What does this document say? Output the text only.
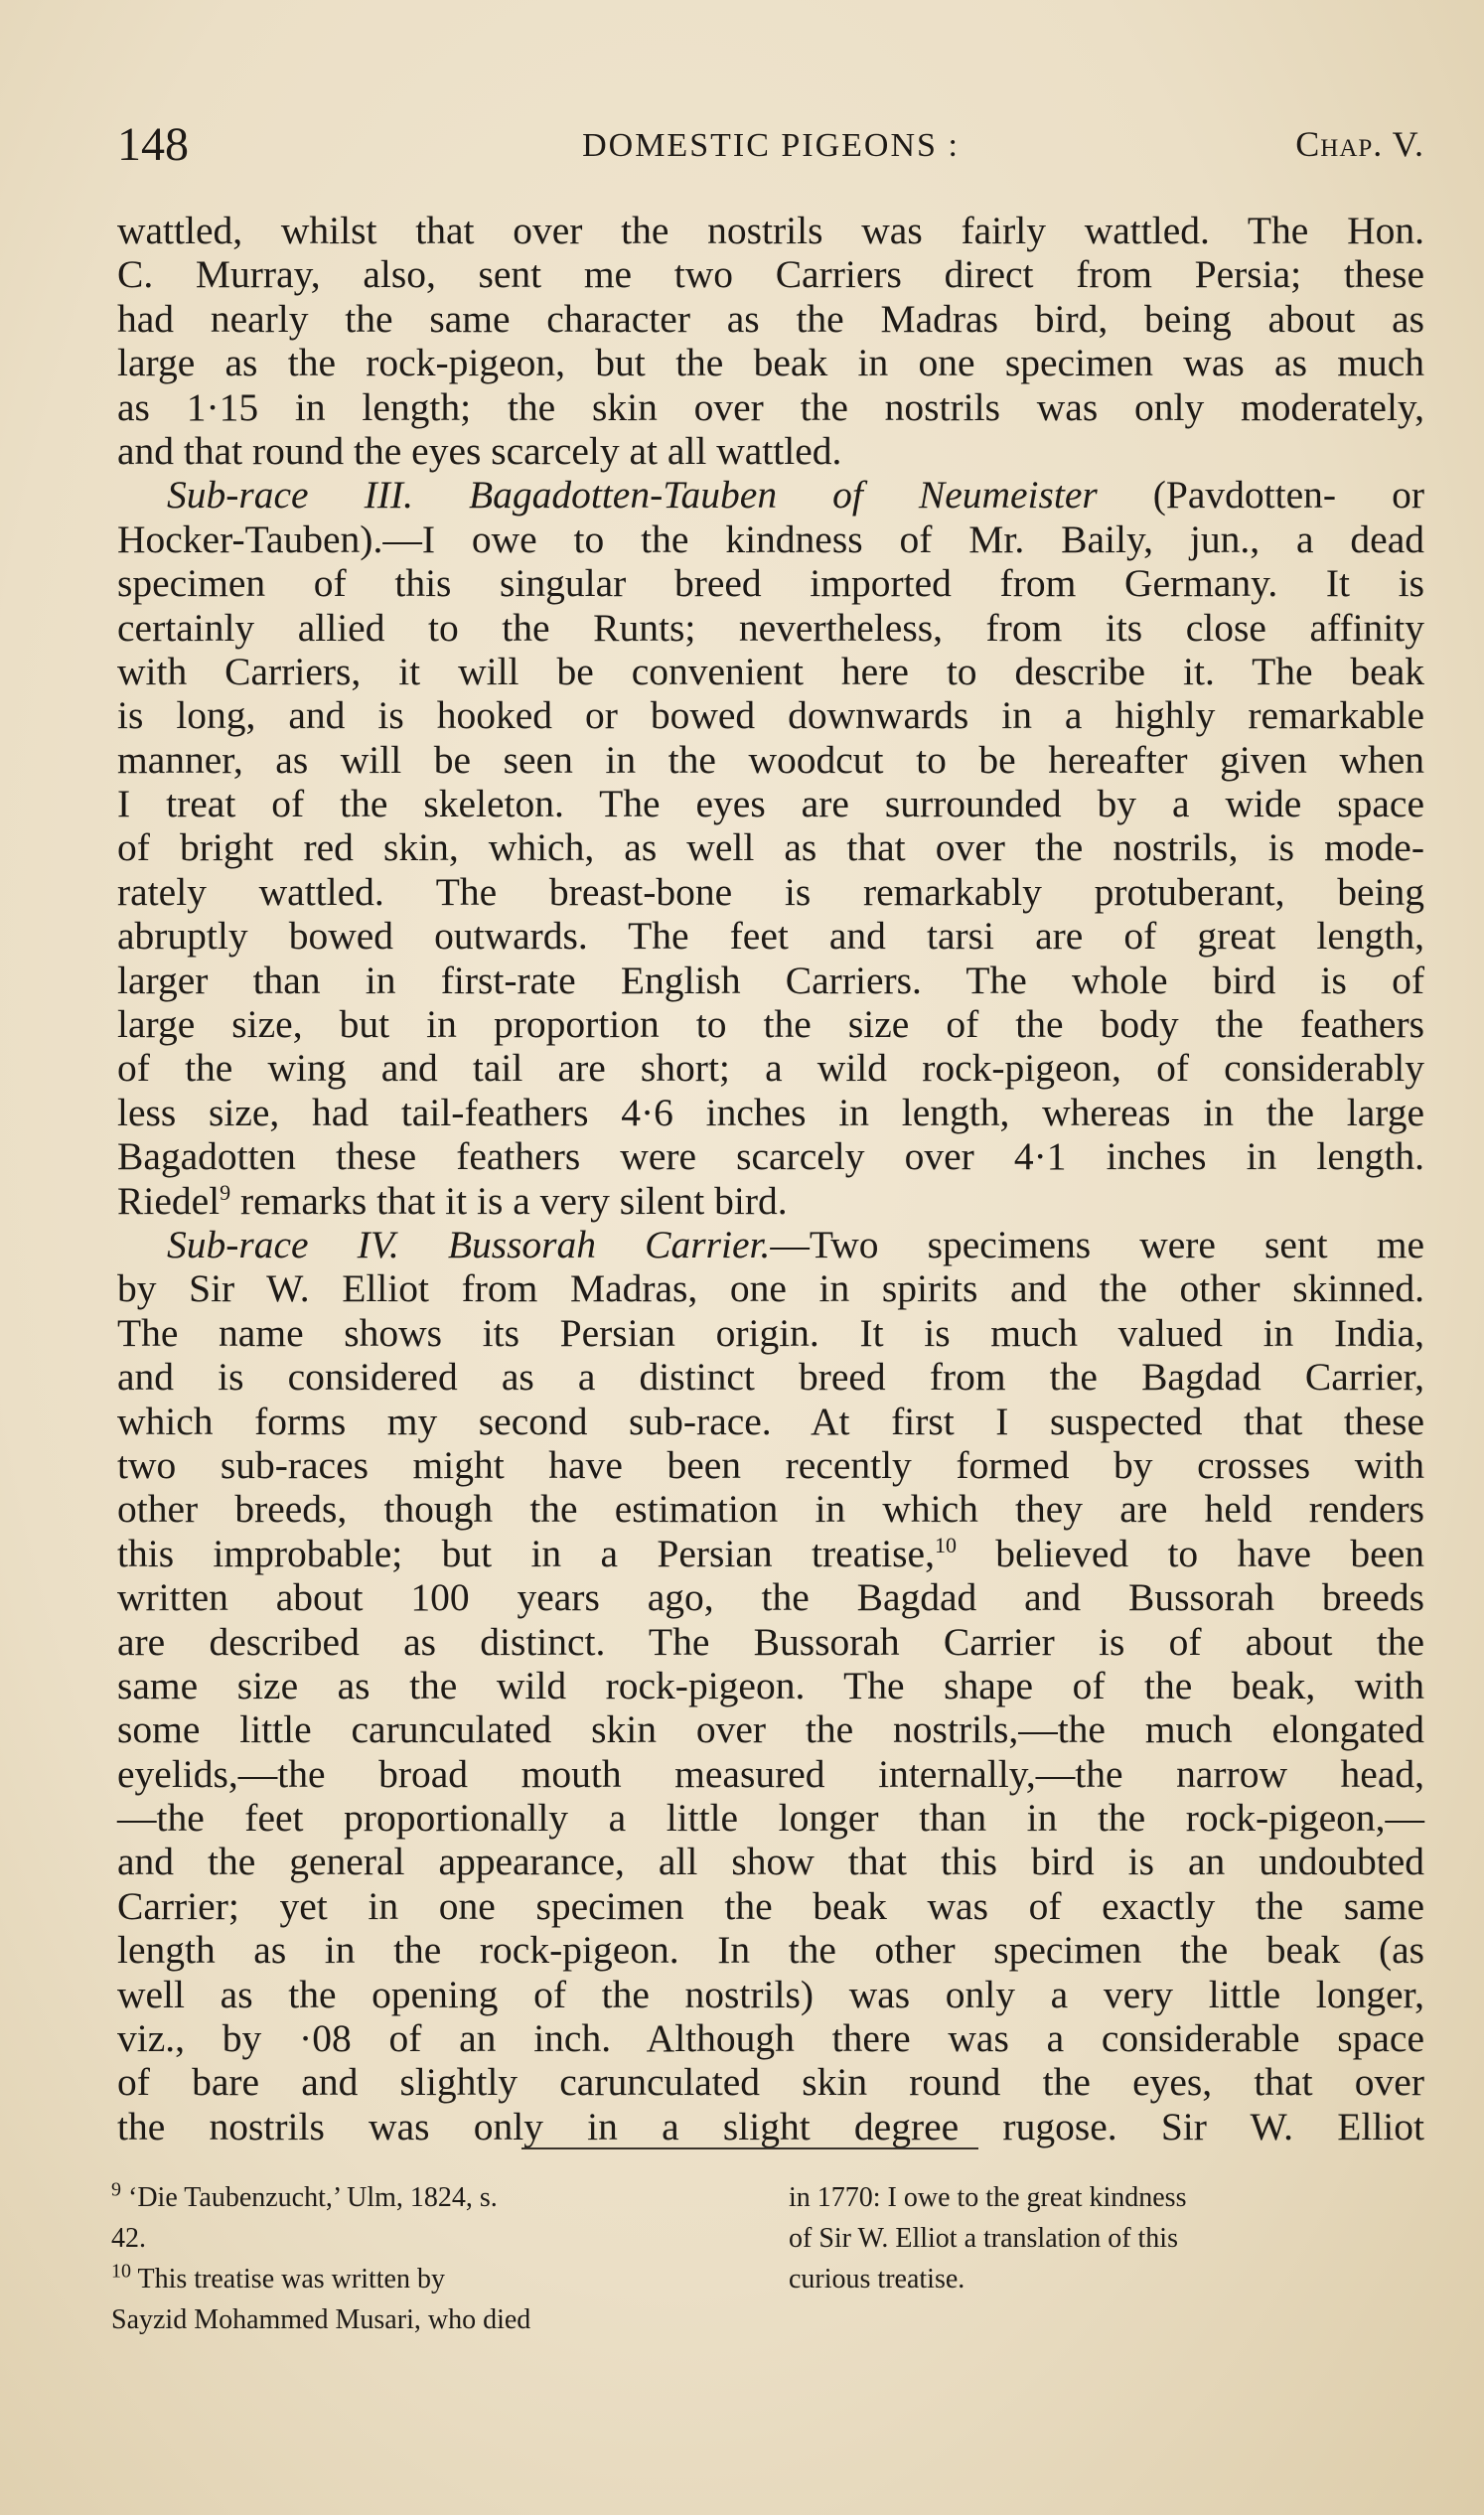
148	DOMESTIC PIGEONS :	Chap. V.
wattled, whilst that over the nostrils was fairly wattled. The Hon.
C. Murray, also, sent me two Carriers direct from Persia; these
had nearly the same character as the Madras bird, being about as
large as the rock-pigeon, but the beak in one specimen was as much
as 1·15 in length; the skin over the nostrils was only moderately,
and that round the eyes scarcely at all wattled.
Sub-race III. Bagadotten-Tauben of Neumeister (Pavdotten- or
Hocker-Tauben).—I owe to the kindness of Mr. Baily, jun., a dead
specimen of this singular breed imported from Germany. It is
certainly allied to the Runts; nevertheless, from its close affinity
with Carriers, it will be convenient here to describe it. The beak
is long, and is hooked or bowed downwards in a highly remarkable
manner, as will be seen in the woodcut to be hereafter given when
I treat of the skeleton. The eyes are surrounded by a wide space
of bright red skin, which, as well as that over the nostrils, is mode-
rately wattled. The breast-bone is remarkably protuberant, being
abruptly bowed outwards. The feet and tarsi are of great length,
larger than in first-rate English Carriers. The whole bird is of
large size, but in proportion to the size of the body the feathers
of the wing and tail are short; a wild rock-pigeon, of considerably
less size, had tail-feathers 4·6 inches in length, whereas in the large
Bagadotten these feathers were scarcely over 4·1 inches in length.
Riedel$^9$ remarks that it is a very silent bird.
Sub-race IV. Bussorah Carrier.—Two specimens were sent me
by Sir W. Elliot from Madras, one in spirits and the other skinned.
The name shows its Persian origin. It is much valued in India,
and is considered as a distinct breed from the Bagdad Carrier,
which forms my second sub-race. At first I suspected that these
two sub-races might have been recently formed by crosses with
other breeds, though the estimation in which they are held renders
this improbable; but in a Persian treatise,$^{10}$ believed to have been
written about 100 years ago, the Bagdad and Bussorah breeds
are described as distinct. The Bussorah Carrier is of about the
same size as the wild rock-pigeon. The shape of the beak, with
some little carunculated skin over the nostrils,—the much elongated
eyelids,—the broad mouth measured internally,—the narrow head,
—the feet proportionally a little longer than in the rock-pigeon,—
and the general appearance, all show that this bird is an undoubted
Carrier; yet in one specimen the beak was of exactly the same
length as in the rock-pigeon. In the other specimen the beak (as
well as the opening of the nostrils) was only a very little longer,
viz., by ·08 of an inch. Although there was a considerable space
of bare and slightly carunculated skin round the eyes, that over
the nostrils was only in a slight degree rugose. Sir W. Elliot
$^9$ ‘Die Taubenzucht,’ Ulm, 1824, s.
42.
$^{10}$ This treatise was written by
Sayzid Mohammed Musari, who died
in 1770: I owe to the great kindness
of Sir W. Elliot a translation of this
curious treatise.
